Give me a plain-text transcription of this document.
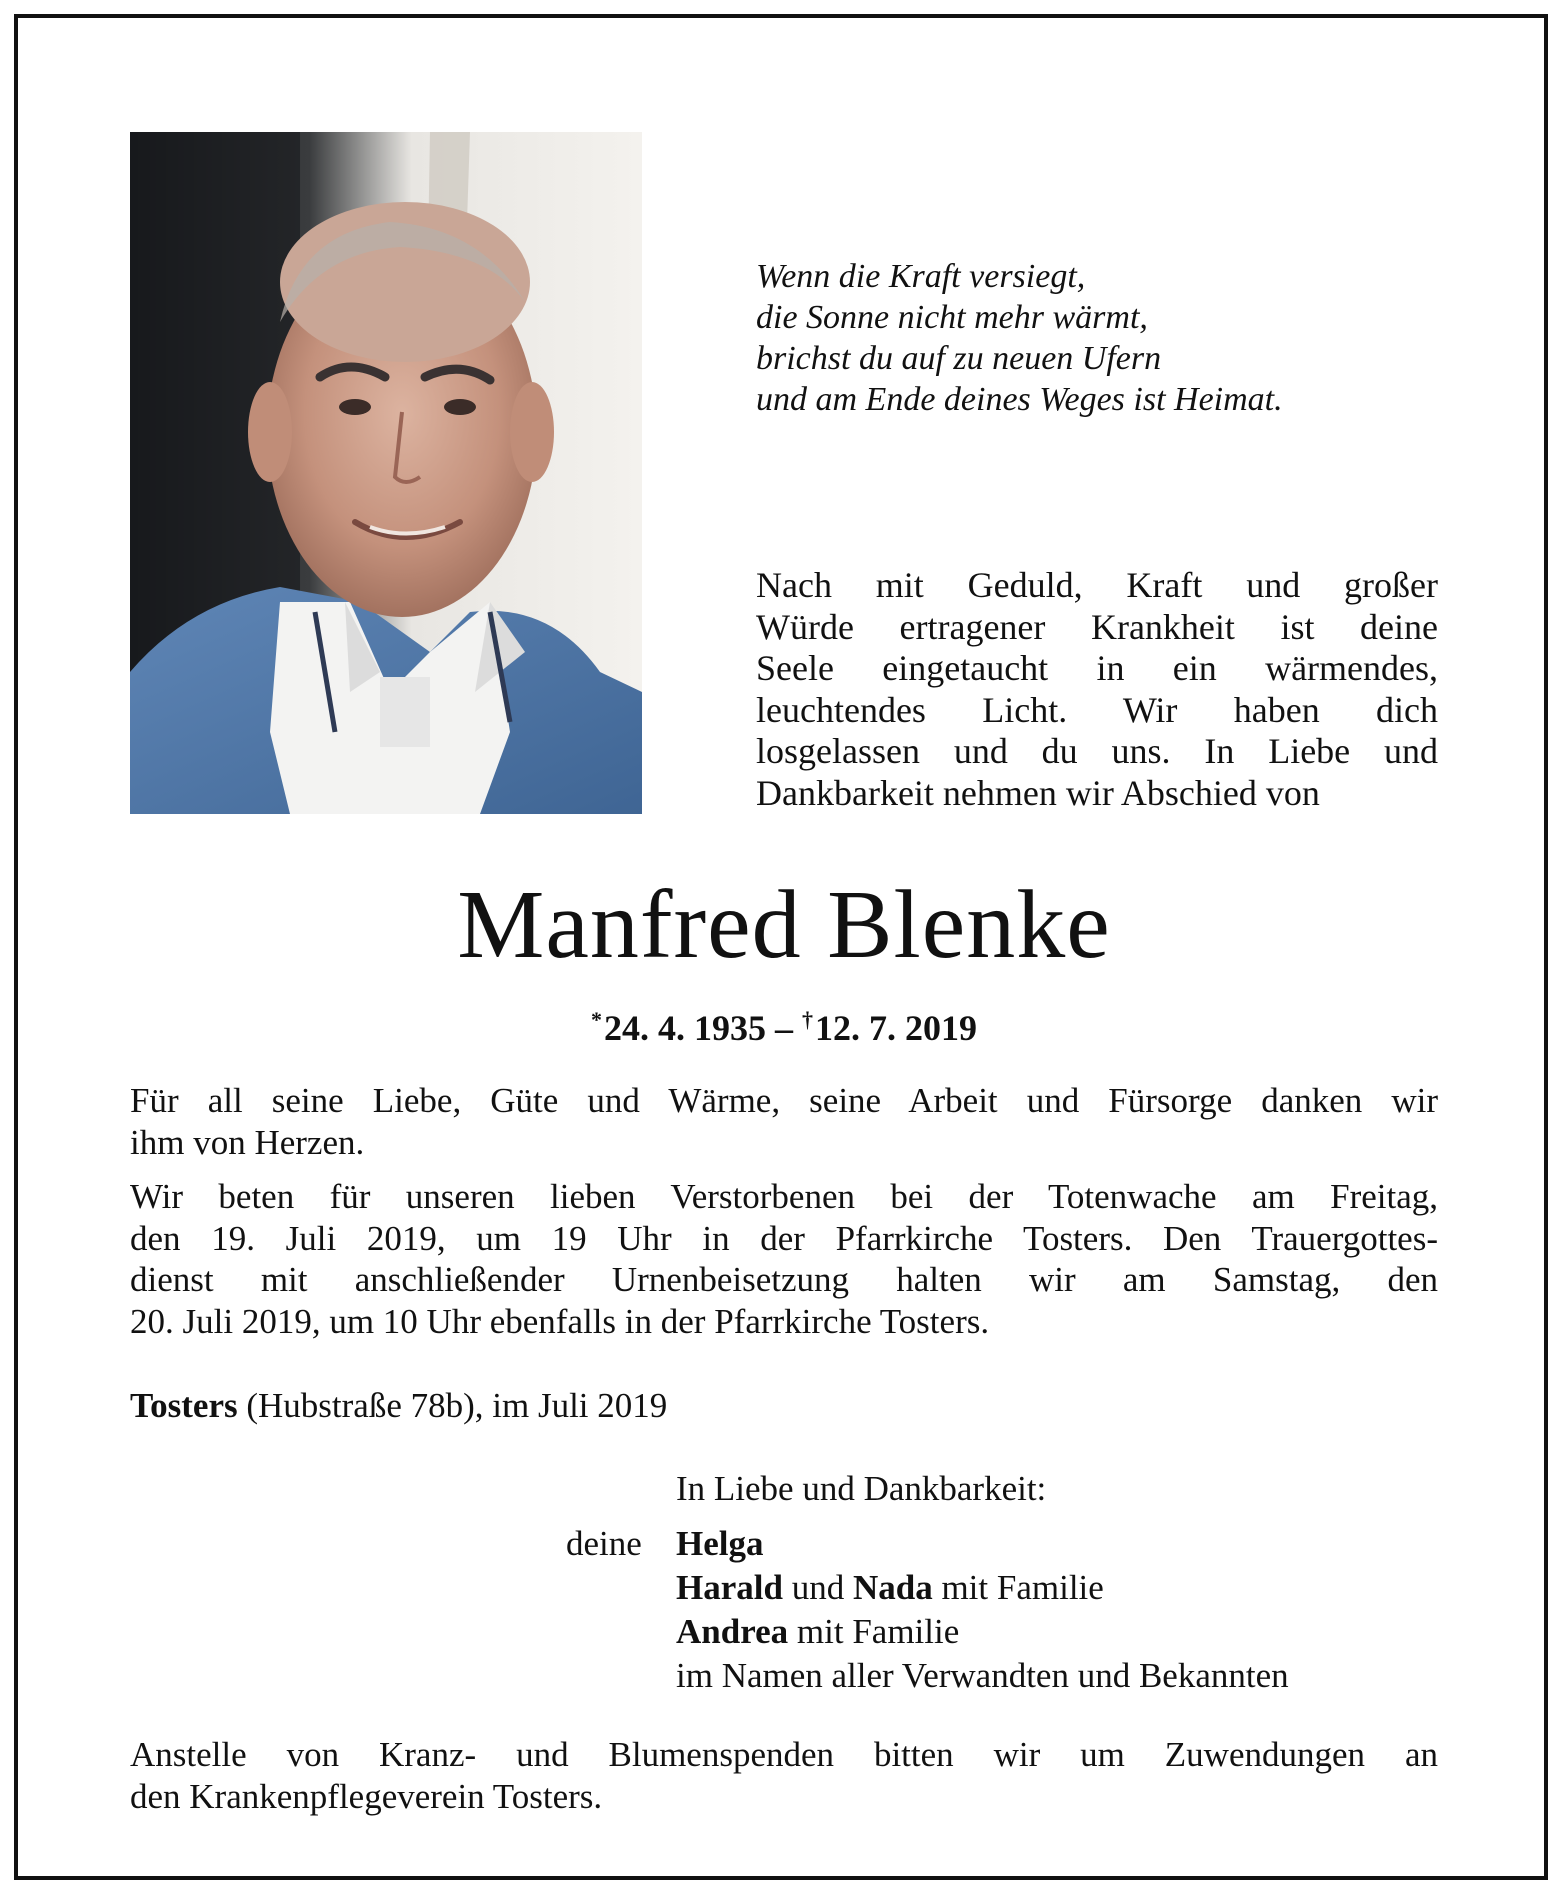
Wenn die Kraft versiegt,
die Sonne nicht mehr wärmt,
brichst du auf zu neuen Ufern
und am Ende deines Weges ist Heimat.
Nach mit Geduld, Kraft und großer
Würde ertragener Krankheit ist deine
Seele eingetaucht in ein wärmendes,
leuchtendes Licht. Wir haben dich
losgelassen und du uns. In Liebe und
Dankbarkeit nehmen wir Abschied von
Manfred Blenke
*24. 4. 1935 – †12. 7. 2019
Für all seine Liebe, Güte und Wärme, seine Arbeit und Fürsorge danken wir
ihm von Herzen.
Wir beten für unseren lieben Verstorbenen bei der Totenwache am Freitag,
den 19. Juli 2019, um 19 Uhr in der Pfarrkirche Tosters. Den Trauergottes-
dienst mit anschließender Urnenbeisetzung halten wir am Samstag, den
20. Juli 2019, um 10 Uhr ebenfalls in der Pfarrkirche Tosters.
Tosters (Hubstraße 78b), im Juli 2019
In Liebe und Dankbarkeit:
deine Helga
Harald und Nada mit Familie
Andrea mit Familie
im Namen aller Verwandten und Bekannten
Anstelle von Kranz- und Blumenspenden bitten wir um Zuwendungen an
den Krankenpflegeverein Tosters.
